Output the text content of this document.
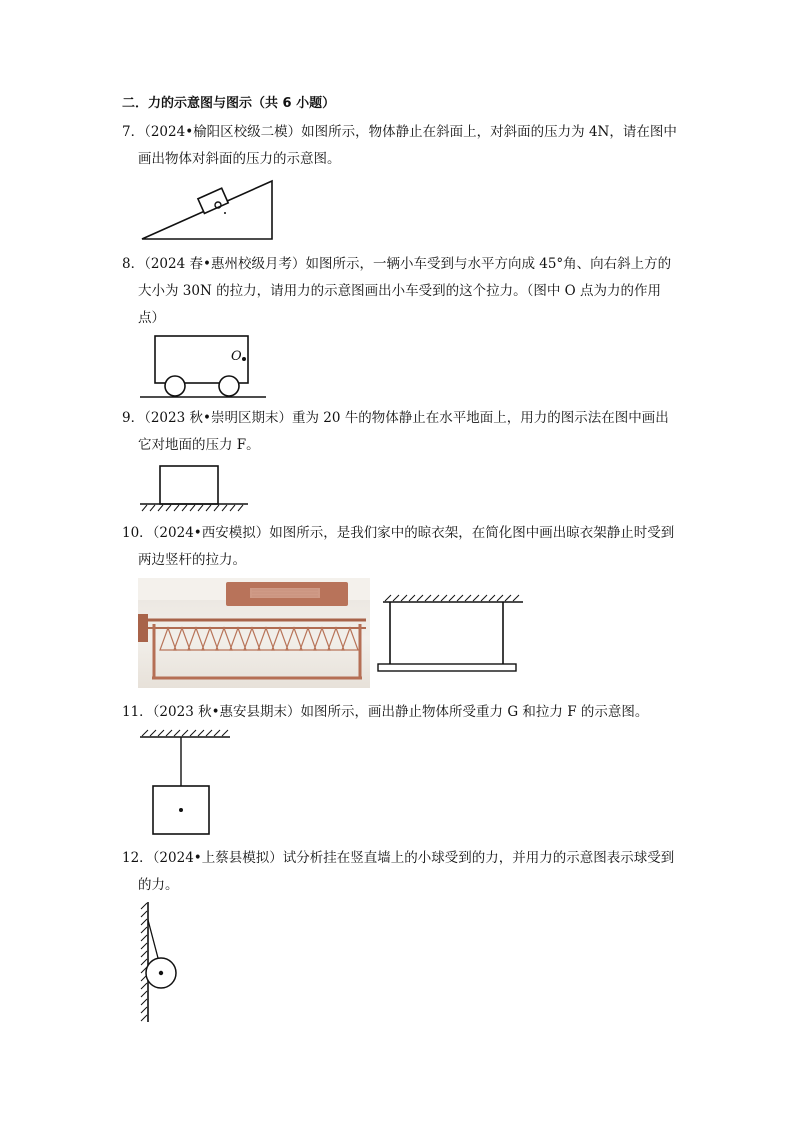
二．力的示意图与图示（共 6 小题）
7．（2024•榆阳区校级二模）如图所示，物体静止在斜面上，对斜面的压力为 4N，请在图中
画出物体对斜面的压力的示意图。
8．（2024 春•惠州校级月考）如图所示，一辆小车受到与水平方向成 45°角、向右斜上方的
大小为 30N 的拉力，请用力的示意图画出小车受到的这个拉力。（图中 O 点为力的作用
点）
O
9．（2023 秋•崇明区期末）重为 20 牛的物体静止在水平地面上，用力的图示法在图中画出
它对地面的压力 F。
10．（2024•西安模拟）如图所示，是我们家中的晾衣架，在简化图中画出晾衣架静止时受到
两边竖杆的拉力。
11．（2023 秋•惠安县期末）如图所示，画出静止物体所受重力 G 和拉力 F 的示意图。
12．（2024•上蔡县模拟）试分析挂在竖直墙上的小球受到的力，并用力的示意图表示球受到
的力。
